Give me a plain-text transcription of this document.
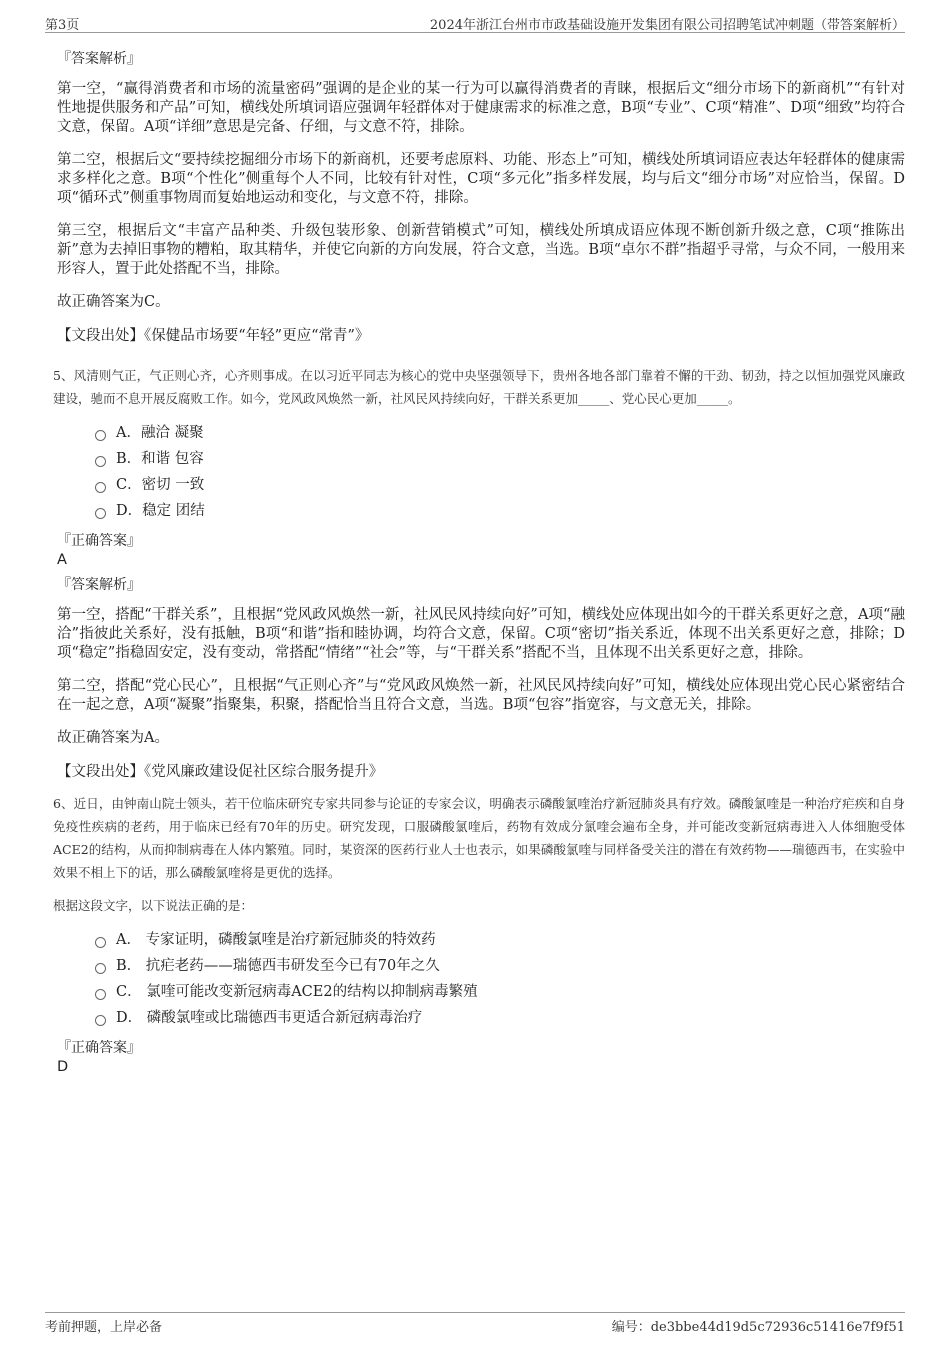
第3页	2024年浙江台州市市政基础设施开发集团有限公司招聘笔试冲刺题（带答案解析）
『答案解析』

第一空，“赢得消费者和市场的流量密码”强调的是企业的某一行为可以赢得消费者的青睐，根据后文“细分市场下的新商机”“有针对性地提供服务和产品”可知，横线处所填词语应强调年轻群体对于健康需求的标准之意，B项“专业”、C项“精准”、D项“细致”均符合文意，保留。A项“详细”意思是完备、仔细，与文意不符，排除。

第二空，根据后文“要持续挖掘细分市场下的新商机，还要考虑原料、功能、形态上”可知，横线处所填词语应表达年轻群体的健康需求多样化之意。B项“个性化”侧重每个人不同，比较有针对性，C项“多元化”指多样发展，均与后文“细分市场”对应恰当，保留。D项“循环式”侧重事物周而复始地运动和变化，与文意不符，排除。

第三空，根据后文“丰富产品种类、升级包装形象、创新营销模式”可知，横线处所填成语应体现不断创新升级之意，C项“推陈出新”意为去掉旧事物的糟粕，取其精华，并使它向新的方向发展，符合文意，当选。B项“卓尔不群”指超乎寻常，与众不同，一般用来形容人，置于此处搭配不当，排除。

故正确答案为C。

【文段出处】《保健品市场要“年轻”更应“常青”》
5、风清则气正，气正则心齐，心齐则事成。在以习近平同志为核心的党中央坚强领导下，贵州各地各部门靠着不懈的干劲、韧劲，持之以恒加强党风廉政建设，驰而不息开展反腐败工作。如今，党风政风焕然一新，社风民风持续向好，干群关系更加_____、党心民心更加_____。
A．融洽 凝聚
B．和谐 包容
C．密切 一致
D．稳定 团结
『正确答案』
A
『答案解析』

第一空，搭配“干群关系”，且根据“党风政风焕然一新，社风民风持续向好”可知，横线处应体现出如今的干群关系更好之意，A项“融洽”指彼此关系好，没有抵触，B项“和谐”指和睦协调，均符合文意，保留。C项“密切”指关系近，体现不出关系更好之意，排除；D项“稳定”指稳固安定，没有变动，常搭配“情绪”“社会”等，与“干群关系”搭配不当，且体现不出关系更好之意，排除。

第二空，搭配“党心民心”，且根据“气正则心齐”与“党风政风焕然一新，社风民风持续向好”可知，横线处应体现出党心民心紧密结合在一起之意，A项“凝聚”指聚集，积聚，搭配恰当且符合文意，当选。B项“包容”指宽容，与文意无关，排除。

故正确答案为A。

【文段出处】《党风廉政建设促社区综合服务提升》
6、近日，由钟南山院士领头，若干位临床研究专家共同参与论证的专家会议，明确表示磷酸氯喹治疗新冠肺炎具有疗效。磷酸氯喹是一种治疗疟疾和自身免疫性疾病的老药，用于临床已经有70年的历史。研究发现，口服磷酸氯喹后，药物有效成分氯喹会遍布全身，并可能改变新冠病毒进入人体细胞受体ACE2的结构，从而抑制病毒在人体内繁殖。同时，某资深的医药行业人士也表示，如果磷酸氯喹与同样备受关注的潜在有效药物——瑞德西韦，在实验中效果不相上下的话，那么磷酸氯喹将是更优的选择。
根据这段文字，以下说法正确的是：
A． 专家证明，磷酸氯喹是治疗新冠肺炎的特效药
B． 抗疟老药——瑞德西韦研发至今已有70年之久
C． 氯喹可能改变新冠病毒ACE2的结构以抑制病毒繁殖
D． 磷酸氯喹或比瑞德西韦更适合新冠病毒治疗
『正确答案』
D
考前押题，上岸必备	编号：de3bbe44d19d5c72936c51416e7f9f51
